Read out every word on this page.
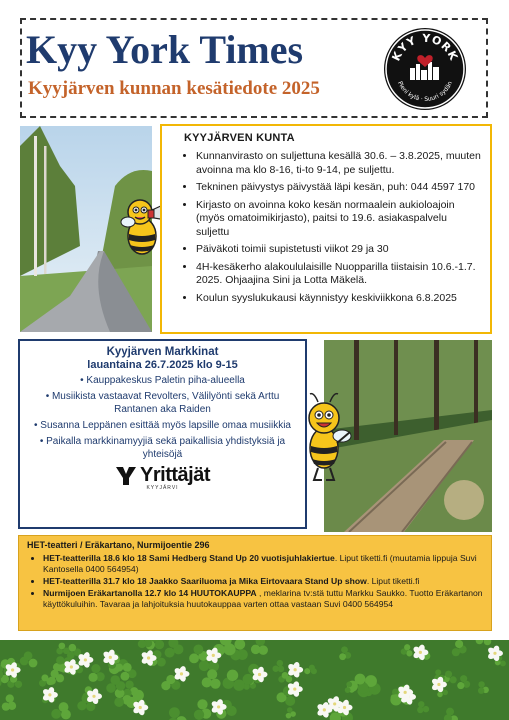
Kyy York Times

Kyyjärven kunnan kesätiedote 2025

KYY YORK
Pieni kylä · Suuri sydän
KYYJÄRVEN KUNTA
• Kunnanvirasto on suljettuna kesällä 30.6. – 3.8.2025, muuten avoinna ma klo 8-16, ti-to 9-14, pe suljettu.
• Tekninen päivystys päivystää läpi kesän, puh: 044 4597 170
• Kirjasto on avoinna koko kesän normaalein aukioloajoin (myös omatoimikirjasto), paitsi to 19.6. asiakaspalvelu suljettu
• Päiväkoti toimii supistetusti viikot 29 ja 30
• 4H-kesäkerho alakoululaisille Nuopparilla tiistaisin 10.6.-1.7. 2025. Ohjaajina Sini ja Lotta Mäkelä.
• Koulun syyslukukausi käynnistyy keskiviikkona 6.8.2025
Kyyjärven Markkinat
lauantaina 26.7.2025 klo 9-15
• Kauppakeskus Paletin piha-alueella
• Musiikista vastaavat Revolters, Välilyönti sekä Arttu Rantanen aka Raiden
• Susanna Leppänen esittää myös lapsille omaa musiikkia
• Paikalla markkinamyyjiä sekä paikallisia yhdistyksiä ja yhteisöjä
Yrittäjät
KYYJÄRVI
HET-teatteri / Eräkartano, Nurmijoentie 296
• HET-teatterilla 18.6 klo 18 Sami Hedberg Stand Up 20 vuotisjuhlakiertue. Liput tiketti.fi (muutamia lippuja Suvi Kantosella 0400 564954)
• HET-teatterilla 31.7 klo 18 Jaakko Saariluoma ja Mika Eirtovaara Stand Up show. Liput tiketti.fi
• Nurmijoen Eräkartanolla 12.7 klo 14 HUUTOKAUPPA , meklarina tv:stä tuttu Markku Saukko. Tuotto Eräkartanon käyttökuluihin. Tavaraa ja lahjoituksia huutokauppaa varten ottaa vastaan Suvi 0400 564954
